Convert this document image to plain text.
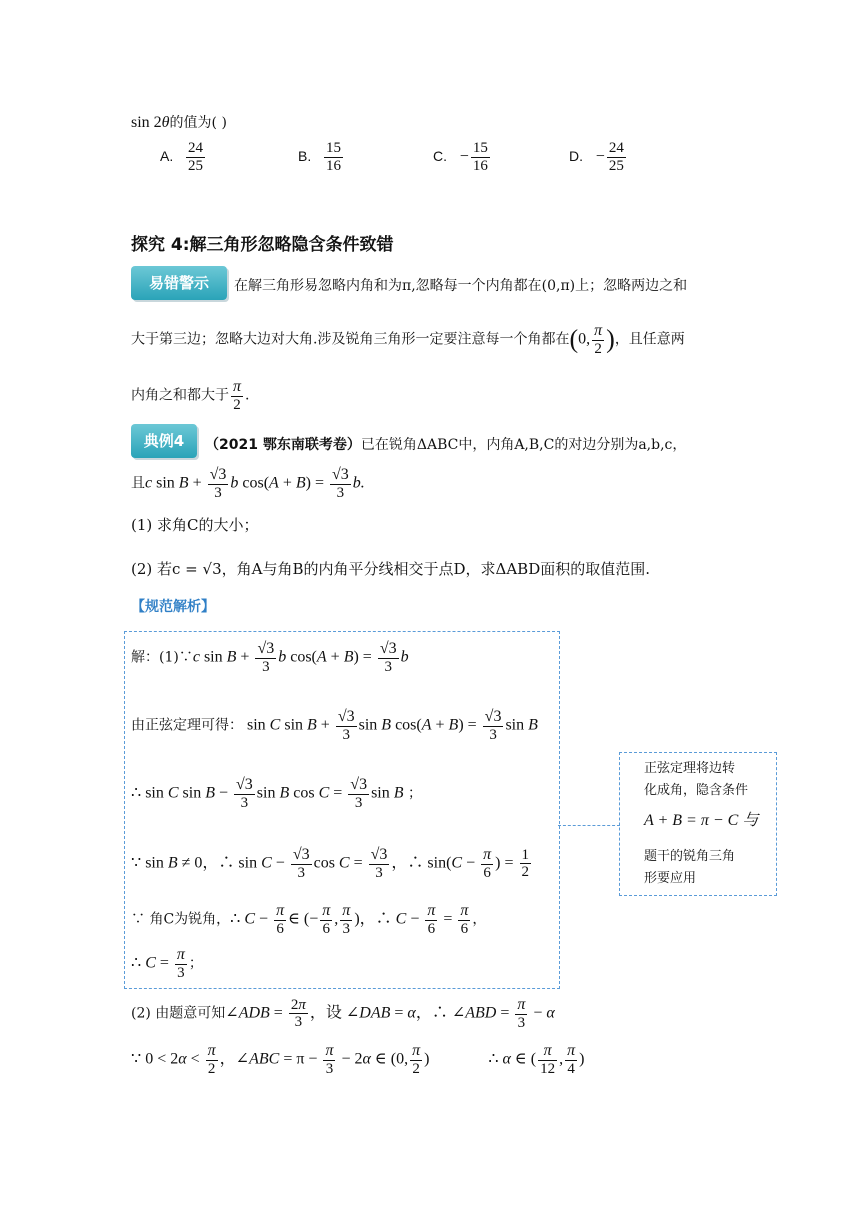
sin 2θ的值为( )
A. $\frac{24}{25}$	B. $\frac{15}{16}$	C. − $\frac{15}{16}$	D. − $\frac{24}{25}$
探究 4:解三角形忽略隐含条件致错
易错警示	在解三角形易忽略内角和为π,忽略每一个内角都在(0,π)上；忽略两边之和
大于第三边；忽略大边对大角.涉及锐角三角形一定要注意每一个角都在(0, $\frac{\pi}{2}$ )，且任意两
内角之和都大于 $\frac{\pi}{2}$ .
典例4	（2021 鄂东南联考卷）已在锐角ΔABC中，内角A,B,C的对边分别为a,b,c，
且c $\sin B + \frac{√3}{3}$ b $\cos(A + B) = \frac{√3}{3} b$.
(1) 求角C的大小；
(2) 若c = √3，角A与角B的内角平分线相交于点D，求ΔABD面积的取值范围.
【规范解析】
解：(1)∵c $\sin B + \frac{√3}{3}$ b $\cos(A + B) = \frac{√3}{3}$ b
由正弦定理可得： sin C $\sin B + \frac{√3}{3}$ sin B $\cos(A + B) = \frac{√3}{3}$ sin B
∴ sin C $\sin B - \frac{√3}{3}$ sin B $\cos C = \frac{√3}{3}$ sin B ；
∵ sin B ≠ 0，∴ $\sin C - \frac{√3}{3}$ $\cos C = \frac{√3}{3}$ ，∴ $\sin(C - \frac{\pi}{6}$ ) = $\frac{1}{2}$
∵ 角C为锐角，∴ $C - \frac{\pi}{6}$ ∈ (− $\frac{\pi}{6}$ , $\frac{\pi}{3}$ )，∴ $C - \frac{\pi}{6} = \frac{\pi}{6}$ ，
∴ $C = \frac{\pi}{3}$ ；
正弦定理将边转
化成角，隐含条件
A + B = π − C 与
题干的锐角三角
形要应用
(2) 由题意可知∠ADB = $\frac{2\pi}{3}$ ，设 ∠DAB = α，∴ ∠ABD = $\frac{\pi}{3} - \alpha$
∵ $0 < 2\alpha < \frac{\pi}{2}$ ，∠ABC = $\pi - \frac{\pi}{3} - 2\alpha$ ∈ (0, $\frac{\pi}{2}$ )	∴ α ∈ ( $\frac{\pi}{12}$ , $\frac{\pi}{4}$ )
